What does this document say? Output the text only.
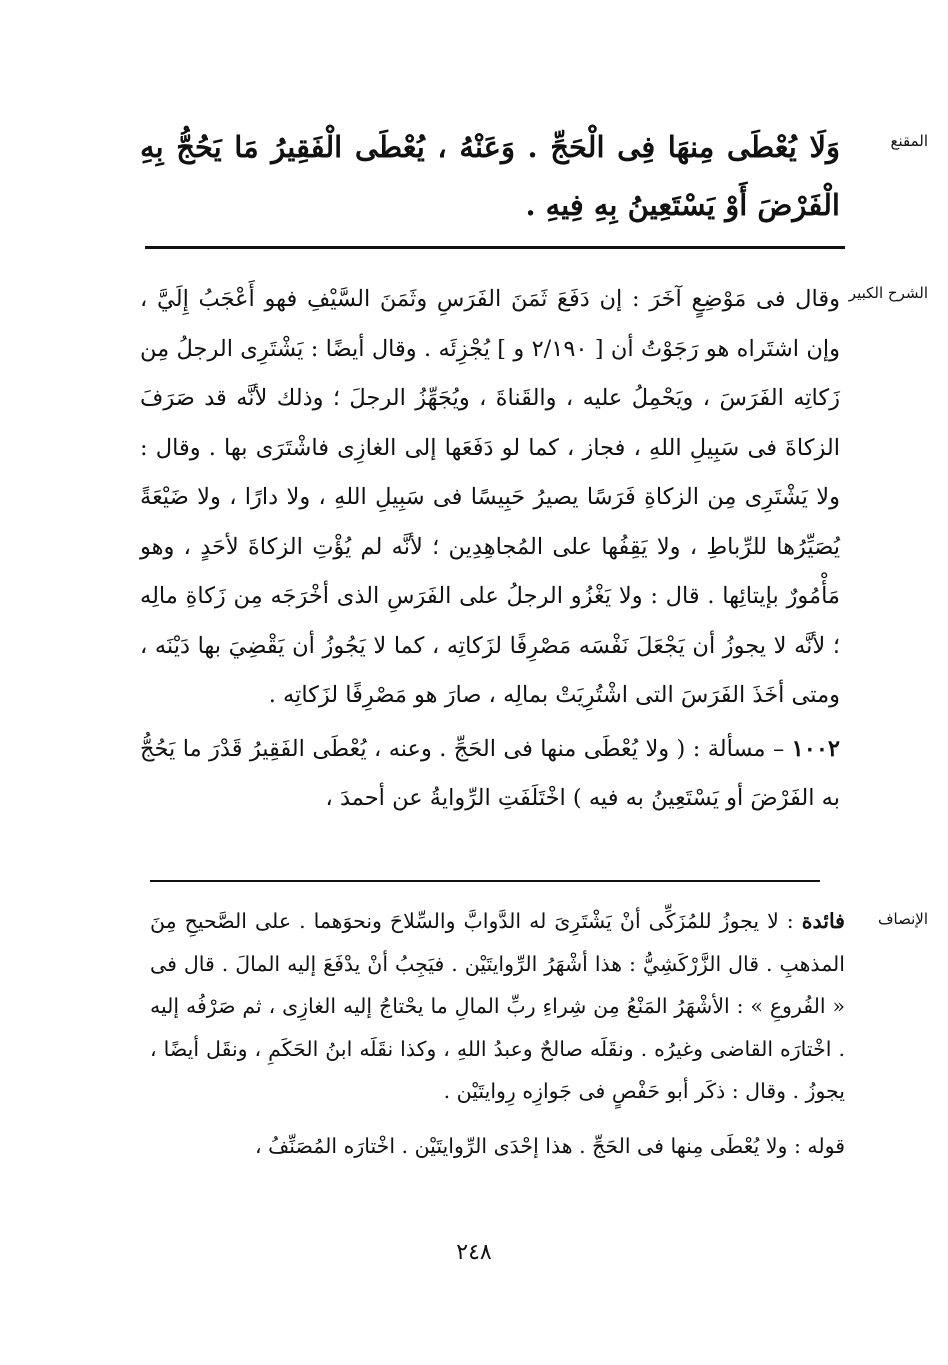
المقنع

وَلَا يُعْطَى مِنهَا فِى الْحَجِّ . وَعَنْهُ ، يُعْطَى الْفَقِيرُ مَا يَحُجُّ بِهِ الْفَرْضَ أَوْ يَسْتَعِينُ بِهِ فِيهِ .

الشرح الكبير

وقال فى مَوْضِعٍ آخَرَ : إن دَفَعَ ثَمَنَ الفَرَسِ وثَمَنَ السَّيْفِ فهو أَعْجَبُ إِلَيَّ ، وإن اشتَراه هو رَجَوْتُ أن [ ٢/١٩٠ و ] يُجْزِئَه . وقال أيضًا : يَشْتَرِى الرجلُ مِن زَكاتِه الفَرَسَ ، ويَحْمِلُ عليه ، والقَناةَ ، ويُجَهِّزُ الرجلَ ؛ وذلك لأنَّه قد صَرَفَ الزكاةَ فى سَبِيلِ اللهِ ، فجاز ، كما لو دَفَعَها إلى الغازِى فاشْتَرَى بها . وقال : ولا يَشْتَرِى مِن الزكاةِ فَرَسًا يصيرُ حَبِيسًا فى سَبِيلِ اللهِ ، ولا دارًا ، ولا ضَيْعَةً يُصَيِّرُها للرِّباطِ ، ولا يَقِفُها على المُجاهِدِين ؛ لأنَّه لم يُؤْتِ الزكاةَ لأحَدٍ ، وهو مَأْمُورٌ بإيتائِها . قال : ولا يَغْزُو الرجلُ على الفَرَسِ الذى أخْرَجَه مِن زَكاةِ مالِه ؛ لأنَّه لا يجوزُ أن يَجْعَلَ نَفْسَه مَصْرِفًا لزَكاتِه ، كما لا يَجُوزُ أن يَقْضِيَ بها دَيْنَه ، ومتى أخَذَ الفَرَسَ التى اشْتُرِيَتْ بمالِه ، صارَ هو مَصْرِفًا لزَكاتِه .

١٠٠٢ – مسألة : ( ولا يُعْطَى منها فى الحَجِّ . وعنه ، يُعْطَى الفَقِيرُ قَدْرَ ما يَحُجُّ به الفَرْضَ أو يَسْتَعِينُ به فيه ) اخْتَلَفَتِ الرِّوايةُ عن أحمدَ ،

الإنصاف

فائدة : لا يجوزُ للمُزَكِّى أنْ يَشْتَرِىَ له الدَّوابَّ والسِّلاحَ ونحوَهما . على الصَّحيحِ مِنَ المذهبِ . قال الزَّرْكَشِيُّ : هذا أشْهَرُ الرِّوايتَيْن . فيَجِبُ أنْ يدْفَعَ إليه المالَ . قال فى « الفُروعِ » : الأشْهَرُ المَنْعُ مِن شِراءِ ربِّ المالِ ما يحْتاجُ إليه الغازِى ، ثم صَرْفُه إليه . اخْتارَه القاضى وغيرُه . ونقَلَه صالحٌ وعبدُ اللهِ ، وكذا نقَلَه ابنُ الحَكَمِ ، ونقَل أيضًا ، يجوزُ . وقال : ذكَر أبو حَفْصٍ فى جَوازِه رِوايتَيْن .

قوله : ولا يُعْطَى مِنها فى الحَجِّ . هذا إحْدَى الرِّوايتَيْن . اخْتارَه المُصَنِّفُ ،

٢٤٨
